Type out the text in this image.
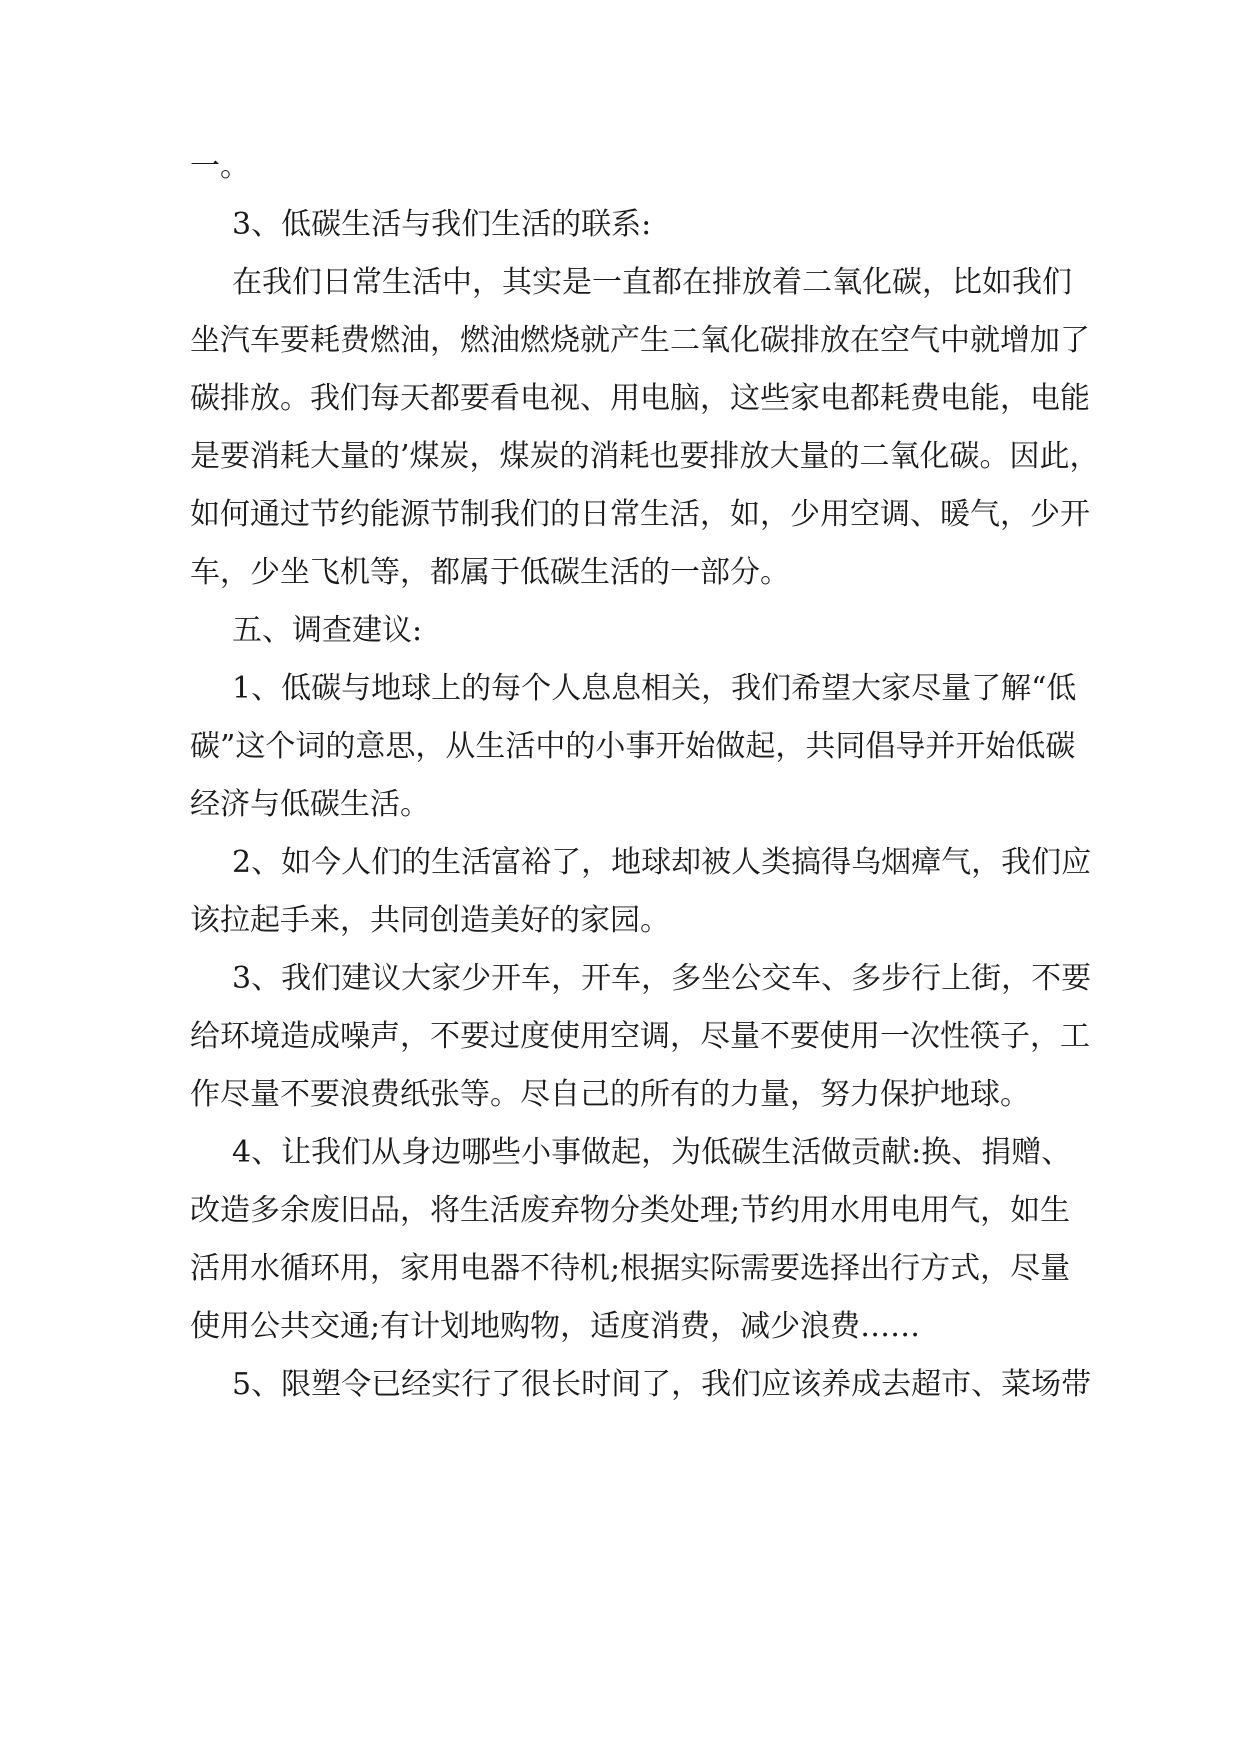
一。
3、低碳生活与我们生活的联系:
在我们日常生活中，其实是一直都在排放着二氧化碳，比如我们
坐汽车要耗费燃油，燃油燃烧就产生二氧化碳排放在空气中就增加了
碳排放。我们每天都要看电视、用电脑，这些家电都耗费电能，电能
是要消耗大量的’煤炭，煤炭的消耗也要排放大量的二氧化碳。因此，
如何通过节约能源节制我们的日常生活，如，少用空调、暖气，少开
车，少坐飞机等，都属于低碳生活的一部分。
五、调查建议:
1、低碳与地球上的每个人息息相关，我们希望大家尽量了解“低
碳”这个词的意思，从生活中的小事开始做起，共同倡导并开始低碳
经济与低碳生活。
2、如今人们的生活富裕了，地球却被人类搞得乌烟瘴气，我们应
该拉起手来，共同创造美好的家园。
3、我们建议大家少开车，开车，多坐公交车、多步行上街，不要
给环境造成噪声，不要过度使用空调，尽量不要使用一次性筷子，工
作尽量不要浪费纸张等。尽自己的所有的力量，努力保护地球。
4、让我们从身边哪些小事做起，为低碳生活做贡献:换、捐赠、
改造多余废旧品，将生活废弃物分类处理;节约用水用电用气，如生
活用水循环用，家用电器不待机;根据实际需要选择出行方式，尽量
使用公共交通;有计划地购物，适度消费，减少浪费……
5、限塑令已经实行了很长时间了，我们应该养成去超市、菜场带
